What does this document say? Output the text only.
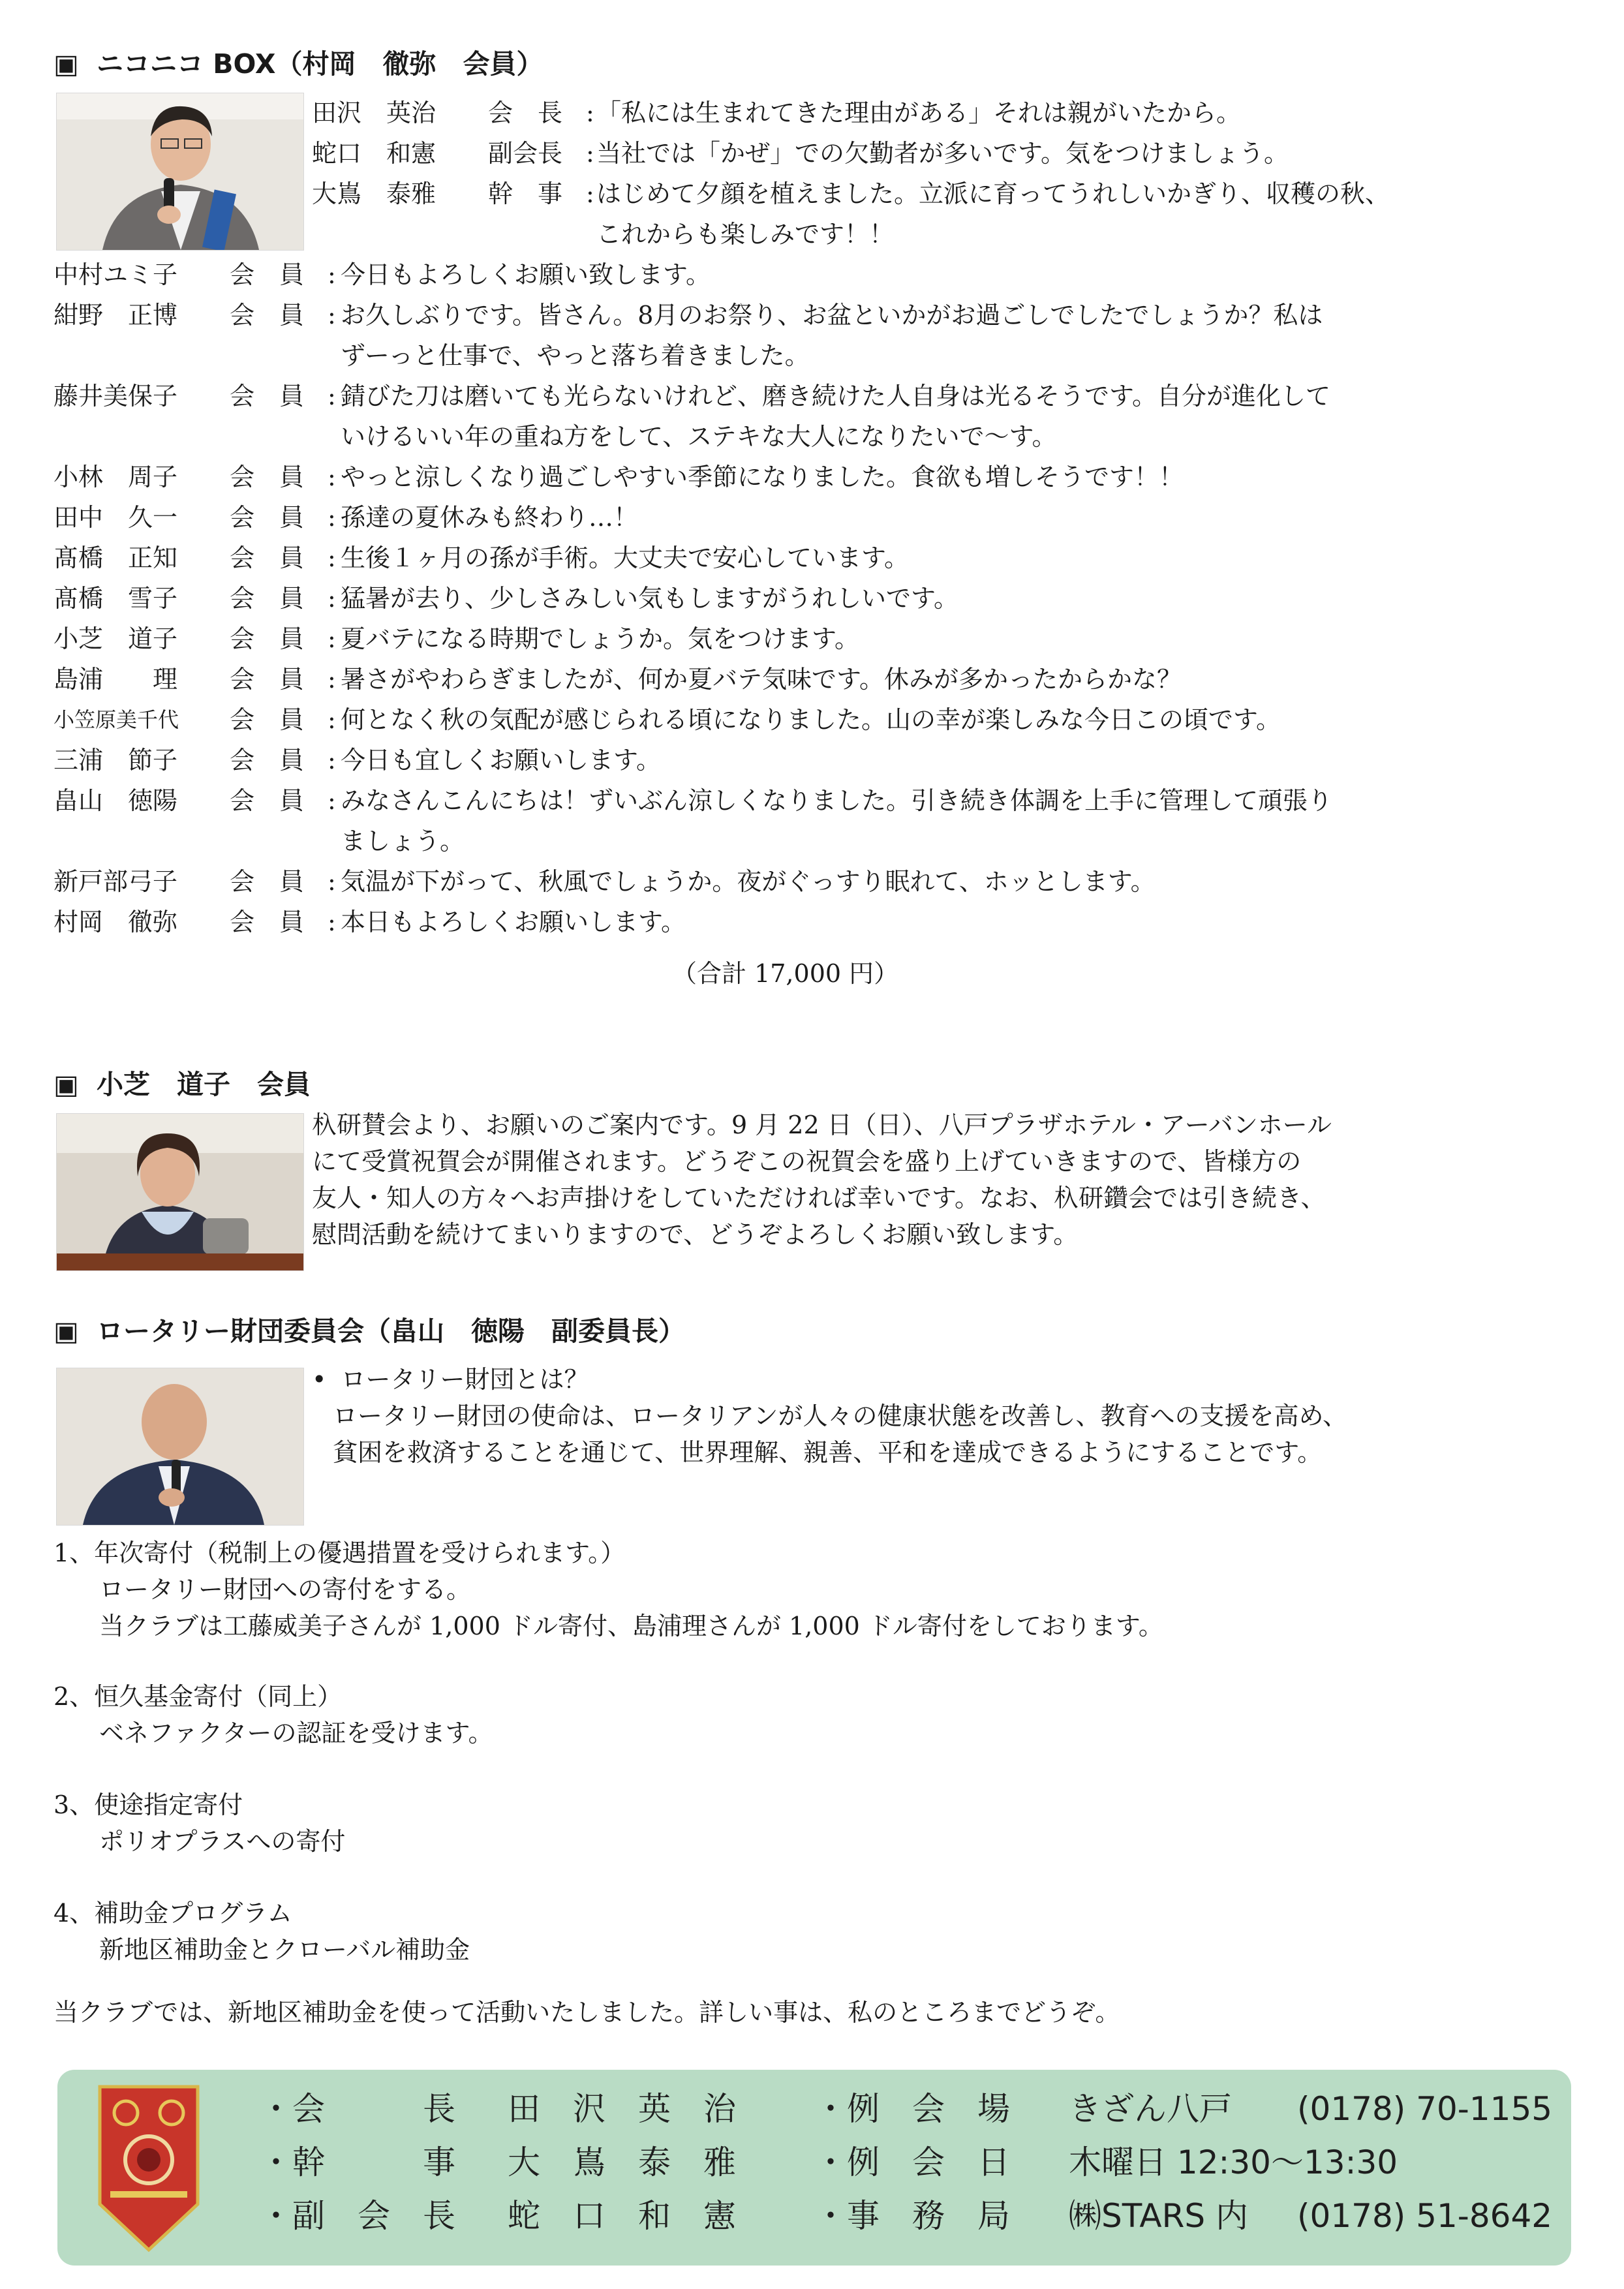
▣ ニコニコ BOX（村岡　徹弥　会員）
田沢　英治 会　長 : 「私には生まれてきた理由がある」それは親がいたから。
蛇口　和憲 副会長 : 当社では「かぜ」での欠勤者が多いです。気をつけましょう。
大嶌　泰雅 幹　事 : はじめて夕顔を植えました。立派に育ってうれしいかぎり、収穫の秋、
これからも楽しみです！！
中村ユミ子 会　員 : 今日もよろしくお願い致します。
紺野　正博 会　員 : お久しぶりです。皆さん。8月のお祭り、お盆といかがお過ごしでしたでしょうか？私は
ずーっと仕事で、やっと落ち着きました。
藤井美保子 会　員 : 錆びた刀は磨いても光らないけれど、磨き続けた人自身は光るそうです。自分が進化して
いけるいい年の重ね方をして、ステキな大人になりたいで～す。
小林　周子 会　員 : やっと涼しくなり過ごしやすい季節になりました。食欲も増しそうです！！
田中　久一 会　員 : 孫達の夏休みも終わり…！
髙橋　正知 会　員 : 生後１ヶ月の孫が手術。大丈夫で安心しています。
髙橋　雪子 会　員 : 猛暑が去り、少しさみしい気もしますがうれしいです。
小芝　道子 会　員 : 夏バテになる時期でしょうか。気をつけます。
島浦　　理 会　員 : 暑さがやわらぎましたが、何か夏バテ気味です。休みが多かったからかな？
小笠原美千代 会　員 : 何となく秋の気配が感じられる頃になりました。山の幸が楽しみな今日この頃です。
三浦　節子 会　員 : 今日も宜しくお願いします。
畠山　徳陽 会　員 : みなさんこんにちは！ずいぶん涼しくなりました。引き続き体調を上手に管理して頑張り
ましょう。
新戸部弓子 会　員 : 気温が下がって、秋風でしょうか。夜がぐっすり眠れて、ホッとします。
村岡　徹弥 会　員 : 本日もよろしくお願いします。
（合計 17,000 円）
▣ 小芝　道子　会員
杁研賛会より、お願いのご案内です。9 月 22 日（日）、八戸プラザホテル・アーバンホール
にて受賞祝賀会が開催されます。どうぞこの祝賀会を盛り上げていきますので、皆様方の
友人・知人の方々へお声掛けをしていただければ幸いです。なお、杁研鑽会では引き続き、
慰問活動を続けてまいりますので、どうぞよろしくお願い致します。
▣ ロータリー財団委員会（畠山　徳陽　副委員長）
• ロータリー財団とは？
ロータリー財団の使命は、ロータリアンが人々の健康状態を改善し、教育への支援を高め、
貧困を救済することを通じて、世界理解、親善、平和を達成できるようにすることです。
1、年次寄付（税制上の優遇措置を受けられます。）
ロータリー財団への寄付をする。
当クラブは工藤威美子さんが 1,000 ドル寄付、島浦理さんが 1,000 ドル寄付をしております。
2、恒久基金寄付（同上）
ベネファクターの認証を受けます。
3、使途指定寄付
ポリオプラスへの寄付
4、補助金プログラム
新地区補助金とクローバル補助金
当クラブでは、新地区補助金を使って活動いたしました。詳しい事は、私のところまでどうぞ。
・会　　　長 田　沢　英　治
・幹　　　事 大　嶌　泰　雅
・副　会　長 蛇　口　和　憲
・例　会　場 きざん八戸 (0178) 70-1155
・例　会　日 木曜日 12:30～13:30
・事　務　局 ㈱STARS 内 (0178) 51-8642
